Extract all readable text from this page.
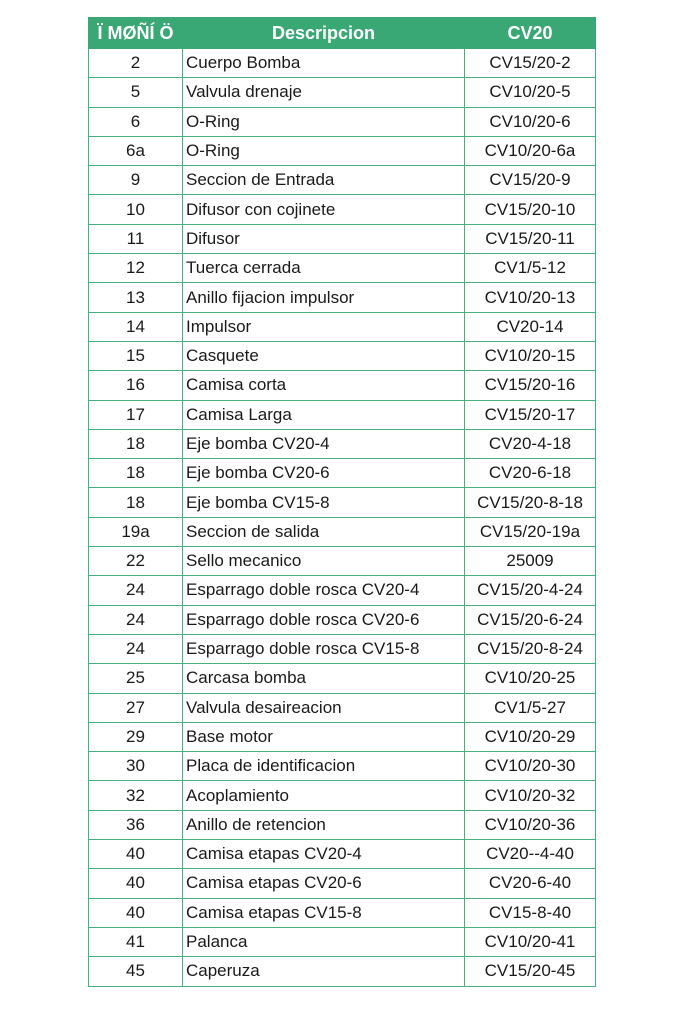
Ï MØÑÍ Ö	Descripcion	CV20
2	Cuerpo Bomba	CV15/20-2
5	Valvula drenaje	CV10/20-5
6	O-Ring	CV10/20-6
6a	O-Ring	CV10/20-6a
9	Seccion de Entrada	CV15/20-9
10	Difusor con cojinete	CV15/20-10
11	Difusor	CV15/20-11
12	Tuerca cerrada	CV1/5-12
13	Anillo fijacion impulsor	CV10/20-13
14	Impulsor	CV20-14
15	Casquete	CV10/20-15
16	Camisa corta	CV15/20-16
17	Camisa Larga	CV15/20-17
18	Eje bomba CV20-4	CV20-4-18
18	Eje bomba CV20-6	CV20-6-18
18	Eje bomba CV15-8	CV15/20-8-18
19a	Seccion de salida	CV15/20-19a
22	Sello mecanico	25009
24	Esparrago doble rosca CV20-4	CV15/20-4-24
24	Esparrago doble rosca CV20-6	CV15/20-6-24
24	Esparrago doble rosca CV15-8	CV15/20-8-24
25	Carcasa bomba	CV10/20-25
27	Valvula desaireacion	CV1/5-27
29	Base motor	CV10/20-29
30	Placa de identificacion	CV10/20-30
32	Acoplamiento	CV10/20-32
36	Anillo de retencion	CV10/20-36
40	Camisa etapas CV20-4	CV20--4-40
40	Camisa etapas CV20-6	CV20-6-40
40	Camisa etapas CV15-8	CV15-8-40
41	Palanca	CV10/20-41
45	Caperuza	CV15/20-45
